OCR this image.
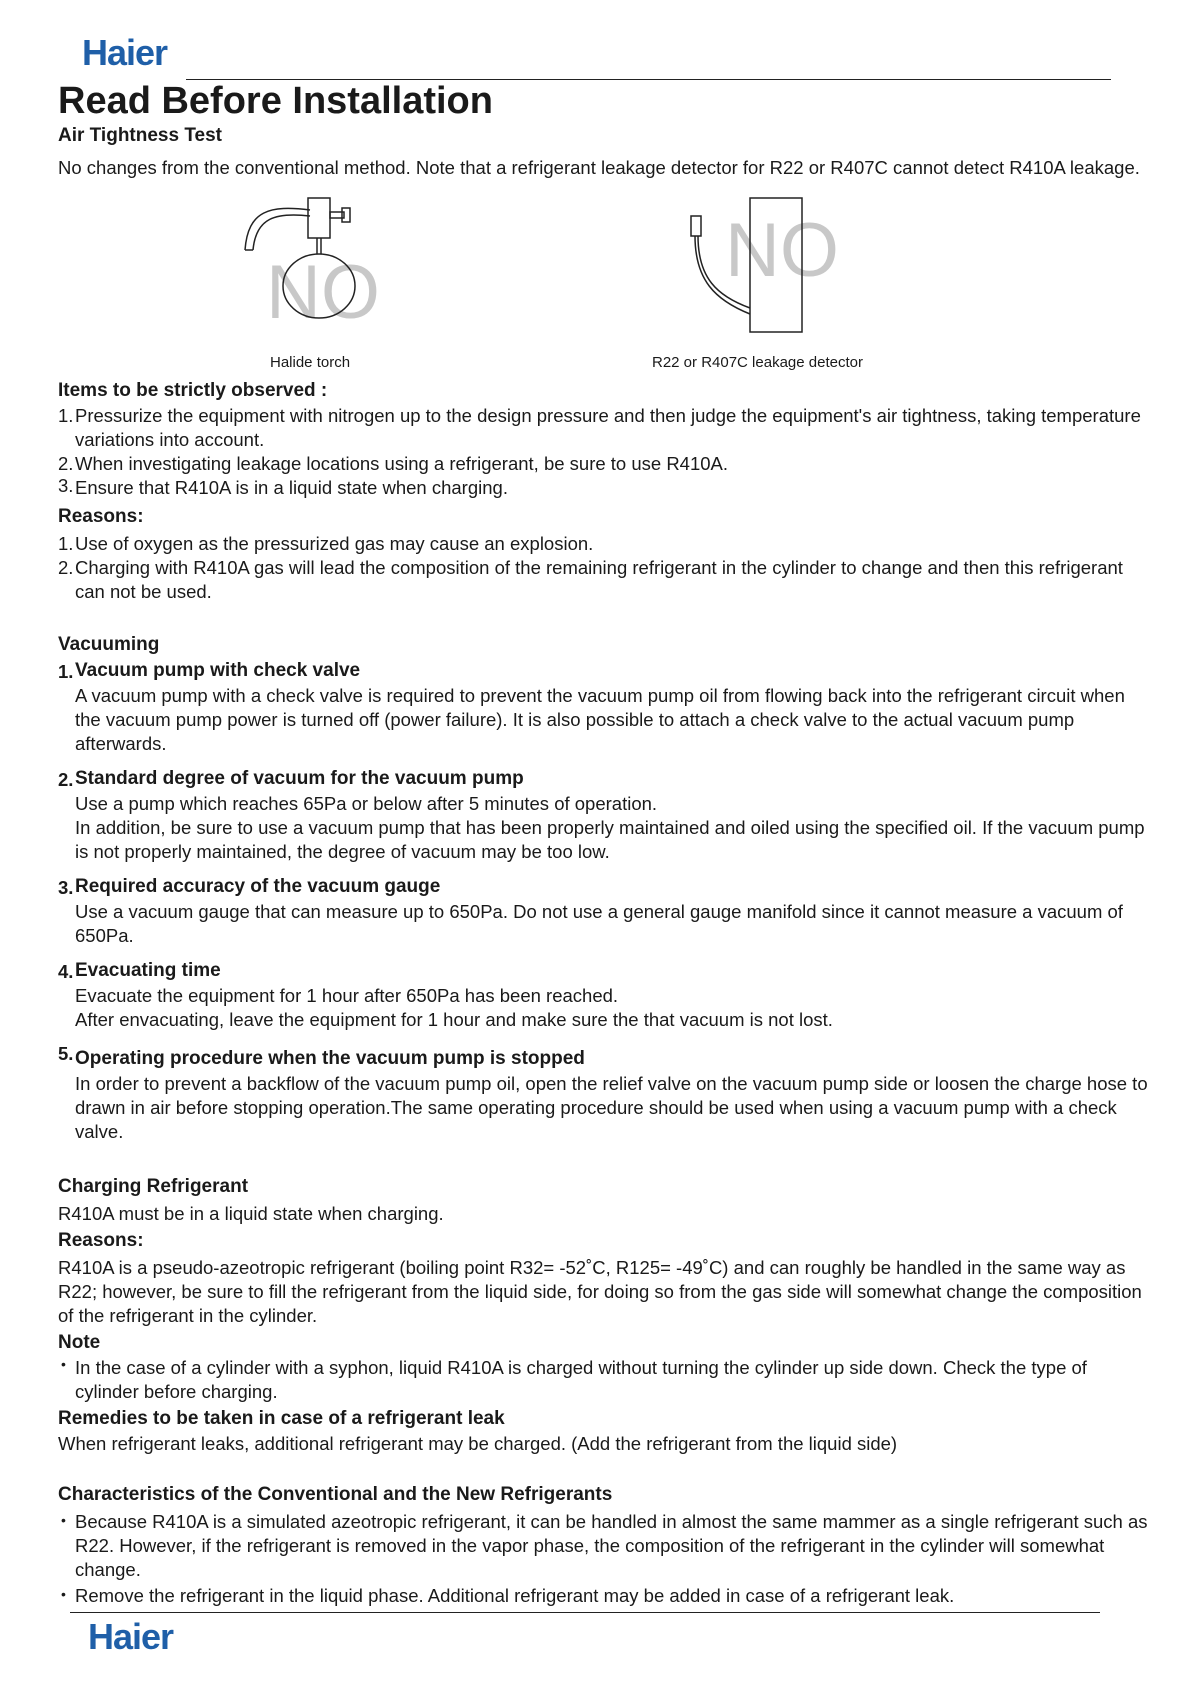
Haier
Read Before Installation
Air Tightness Test
No changes from the conventional method. Note that a refrigerant leakage detector for R22 or R407C cannot detect R410A leakage.
NO
Halide torch
NO
R22 or R407C leakage detector
Items to be strictly observed :
1. Pressurize the equipment with nitrogen up to the design pressure and then judge the equipment's air tightness, taking temperature variations into account.
2. When investigating leakage locations using a refrigerant, be sure to use R410A.
3. Ensure that R410A is in a liquid state when charging.
Reasons:
1. Use of oxygen as the pressurized gas may cause an explosion.
2. Charging with R410A gas will lead the composition of the remaining refrigerant in the cylinder to change and then this refrigerant can not be used.
Vacuuming
1. Vacuum pump with check valve
A vacuum pump with a check valve is required to prevent the vacuum pump oil from flowing back into the refrigerant circuit when the vacuum pump power is turned off (power failure). It is also possible to attach a check valve to the actual vacuum pump afterwards.
2. Standard degree of vacuum for the vacuum pump
Use a pump which reaches 65Pa or below after 5 minutes of operation.
In addition, be sure to use a vacuum pump that has been properly maintained and oiled using the specified oil. If the vacuum pump is not properly maintained, the degree of vacuum may be too low.
3. Required accuracy of the vacuum gauge
Use a vacuum gauge that can measure up to 650Pa. Do not use a general gauge manifold since it cannot measure a vacuum of 650Pa.
4. Evacuating time
Evacuate the equipment for 1 hour after 650Pa has been reached.
After envacuating, leave the equipment for 1 hour and make sure the that vacuum is not lost.
5. Operating procedure when the vacuum pump is stopped
In order to prevent a backflow of the vacuum pump oil, open the relief valve on the vacuum pump side or loosen the charge hose to drawn in air before stopping operation.The same operating procedure should be used when using a vacuum pump with a check valve.
Charging Refrigerant
R410A must be in a liquid state when charging.
Reasons:
R410A is a pseudo-azeotropic refrigerant (boiling point R32= -52˚C, R125= -49˚C) and can roughly be handled in the same way as R22; however, be sure to fill the refrigerant from the liquid side, for doing so from the gas side will somewhat change the composition of the refrigerant in the cylinder.
Note
• In the case of a cylinder with a syphon, liquid R410A is charged without turning the cylinder up side down. Check the type of cylinder before charging.
Remedies to be taken in case of a refrigerant leak
When refrigerant leaks, additional refrigerant may be charged. (Add the refrigerant from the liquid side)
Characteristics of the Conventional and the New Refrigerants
• Because R410A is a simulated azeotropic refrigerant, it can be handled in almost the same mammer as a single refrigerant such as R22. However, if the refrigerant is removed in the vapor phase, the composition of the refrigerant in the cylinder will somewhat change.
• Remove the refrigerant in the liquid phase. Additional refrigerant may be added in case of a refrigerant leak.
Haier
